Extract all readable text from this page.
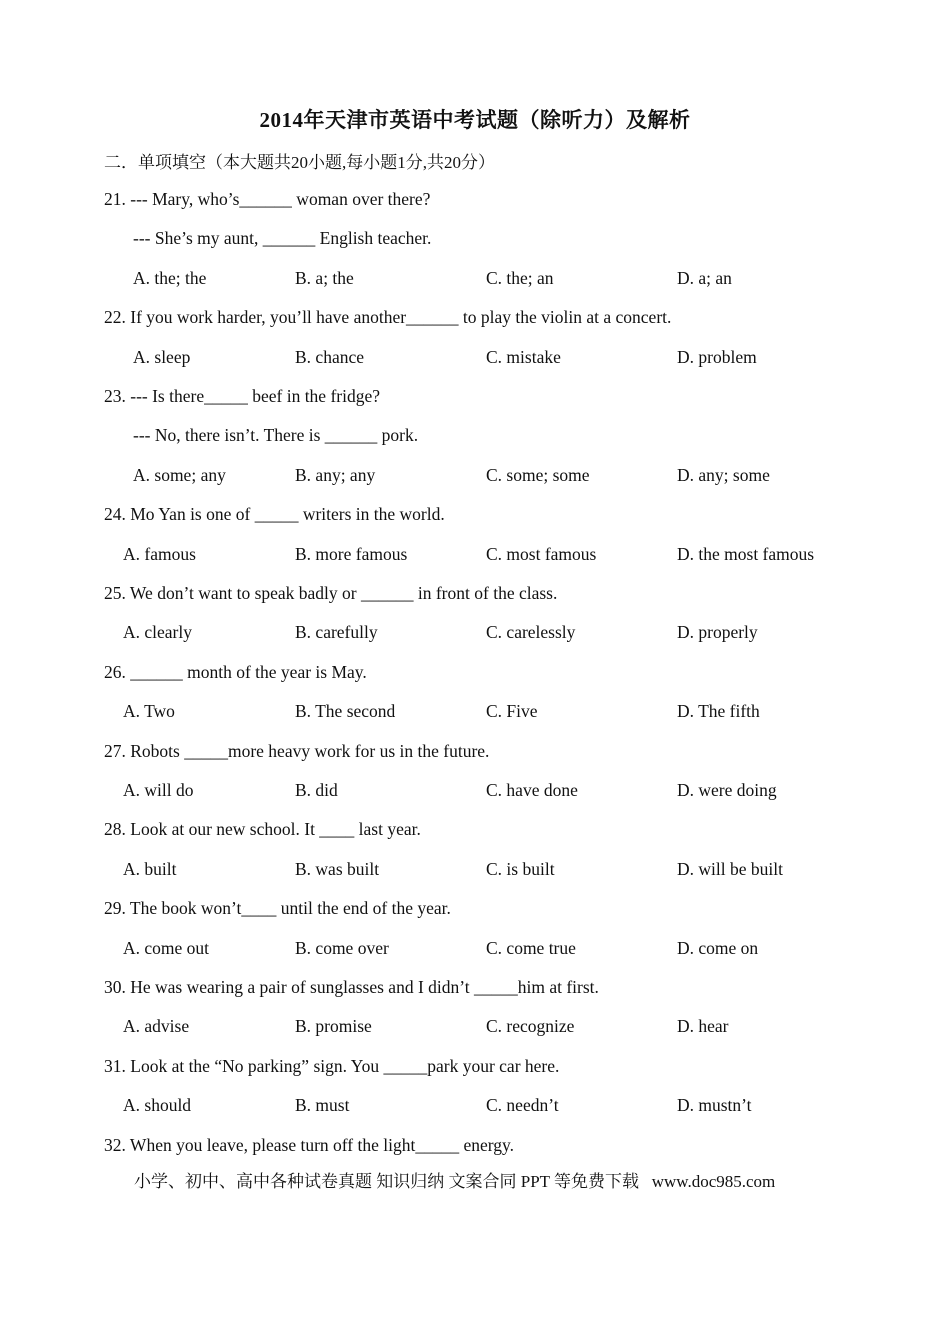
2014年天津市英语中考试题（除听力）及解析
二．单项填空（本大题共20小题,每小题1分,共20分）
21. --- Mary, who’s______ woman over there?
--- She’s my aunt, ______ English teacher.
A. the; the	B. a; the	C. the; an	D. a; an
22. If you work harder, you’ll have another______ to play the violin at a concert.
A. sleep	B. chance	C. mistake	D. problem
23. --- Is there_____ beef in the fridge?
--- No, there isn’t. There is ______ pork.
A. some; any	B. any; any	C. some; some	D. any; some
24. Mo Yan is one of _____ writers in the world.
A. famous	B. more famous	C. most famous	D. the most famous
25. We don’t want to speak badly or ______ in front of the class.
A. clearly	B. carefully	C. carelessly	D. properly
26. ______ month of the year is May.
A. Two	B. The second	C. Five	D. The fifth
27. Robots _____more heavy work for us in the future.
A. will do	B. did	C. have done	D. were doing
28. Look at our new school. It ____ last year.
A. built	B. was built	C. is built	D. will be built
29. The book won’t____ until the end of the year.
A. come out	B. come over	C. come true	D. come on
30. He was wearing a pair of sunglasses and I didn’t _____him at first.
A. advise	B. promise	C. recognize	D. hear
31. Look at the “No parking” sign. You _____park your car here.
A. should	B. must	C. needn’t	D. mustn’t
32. When you leave, please turn off the light_____ energy.
小学、初中、高中各种试卷真题 知识归纳 文案合同 PPT 等免费下载   www.doc985.com
